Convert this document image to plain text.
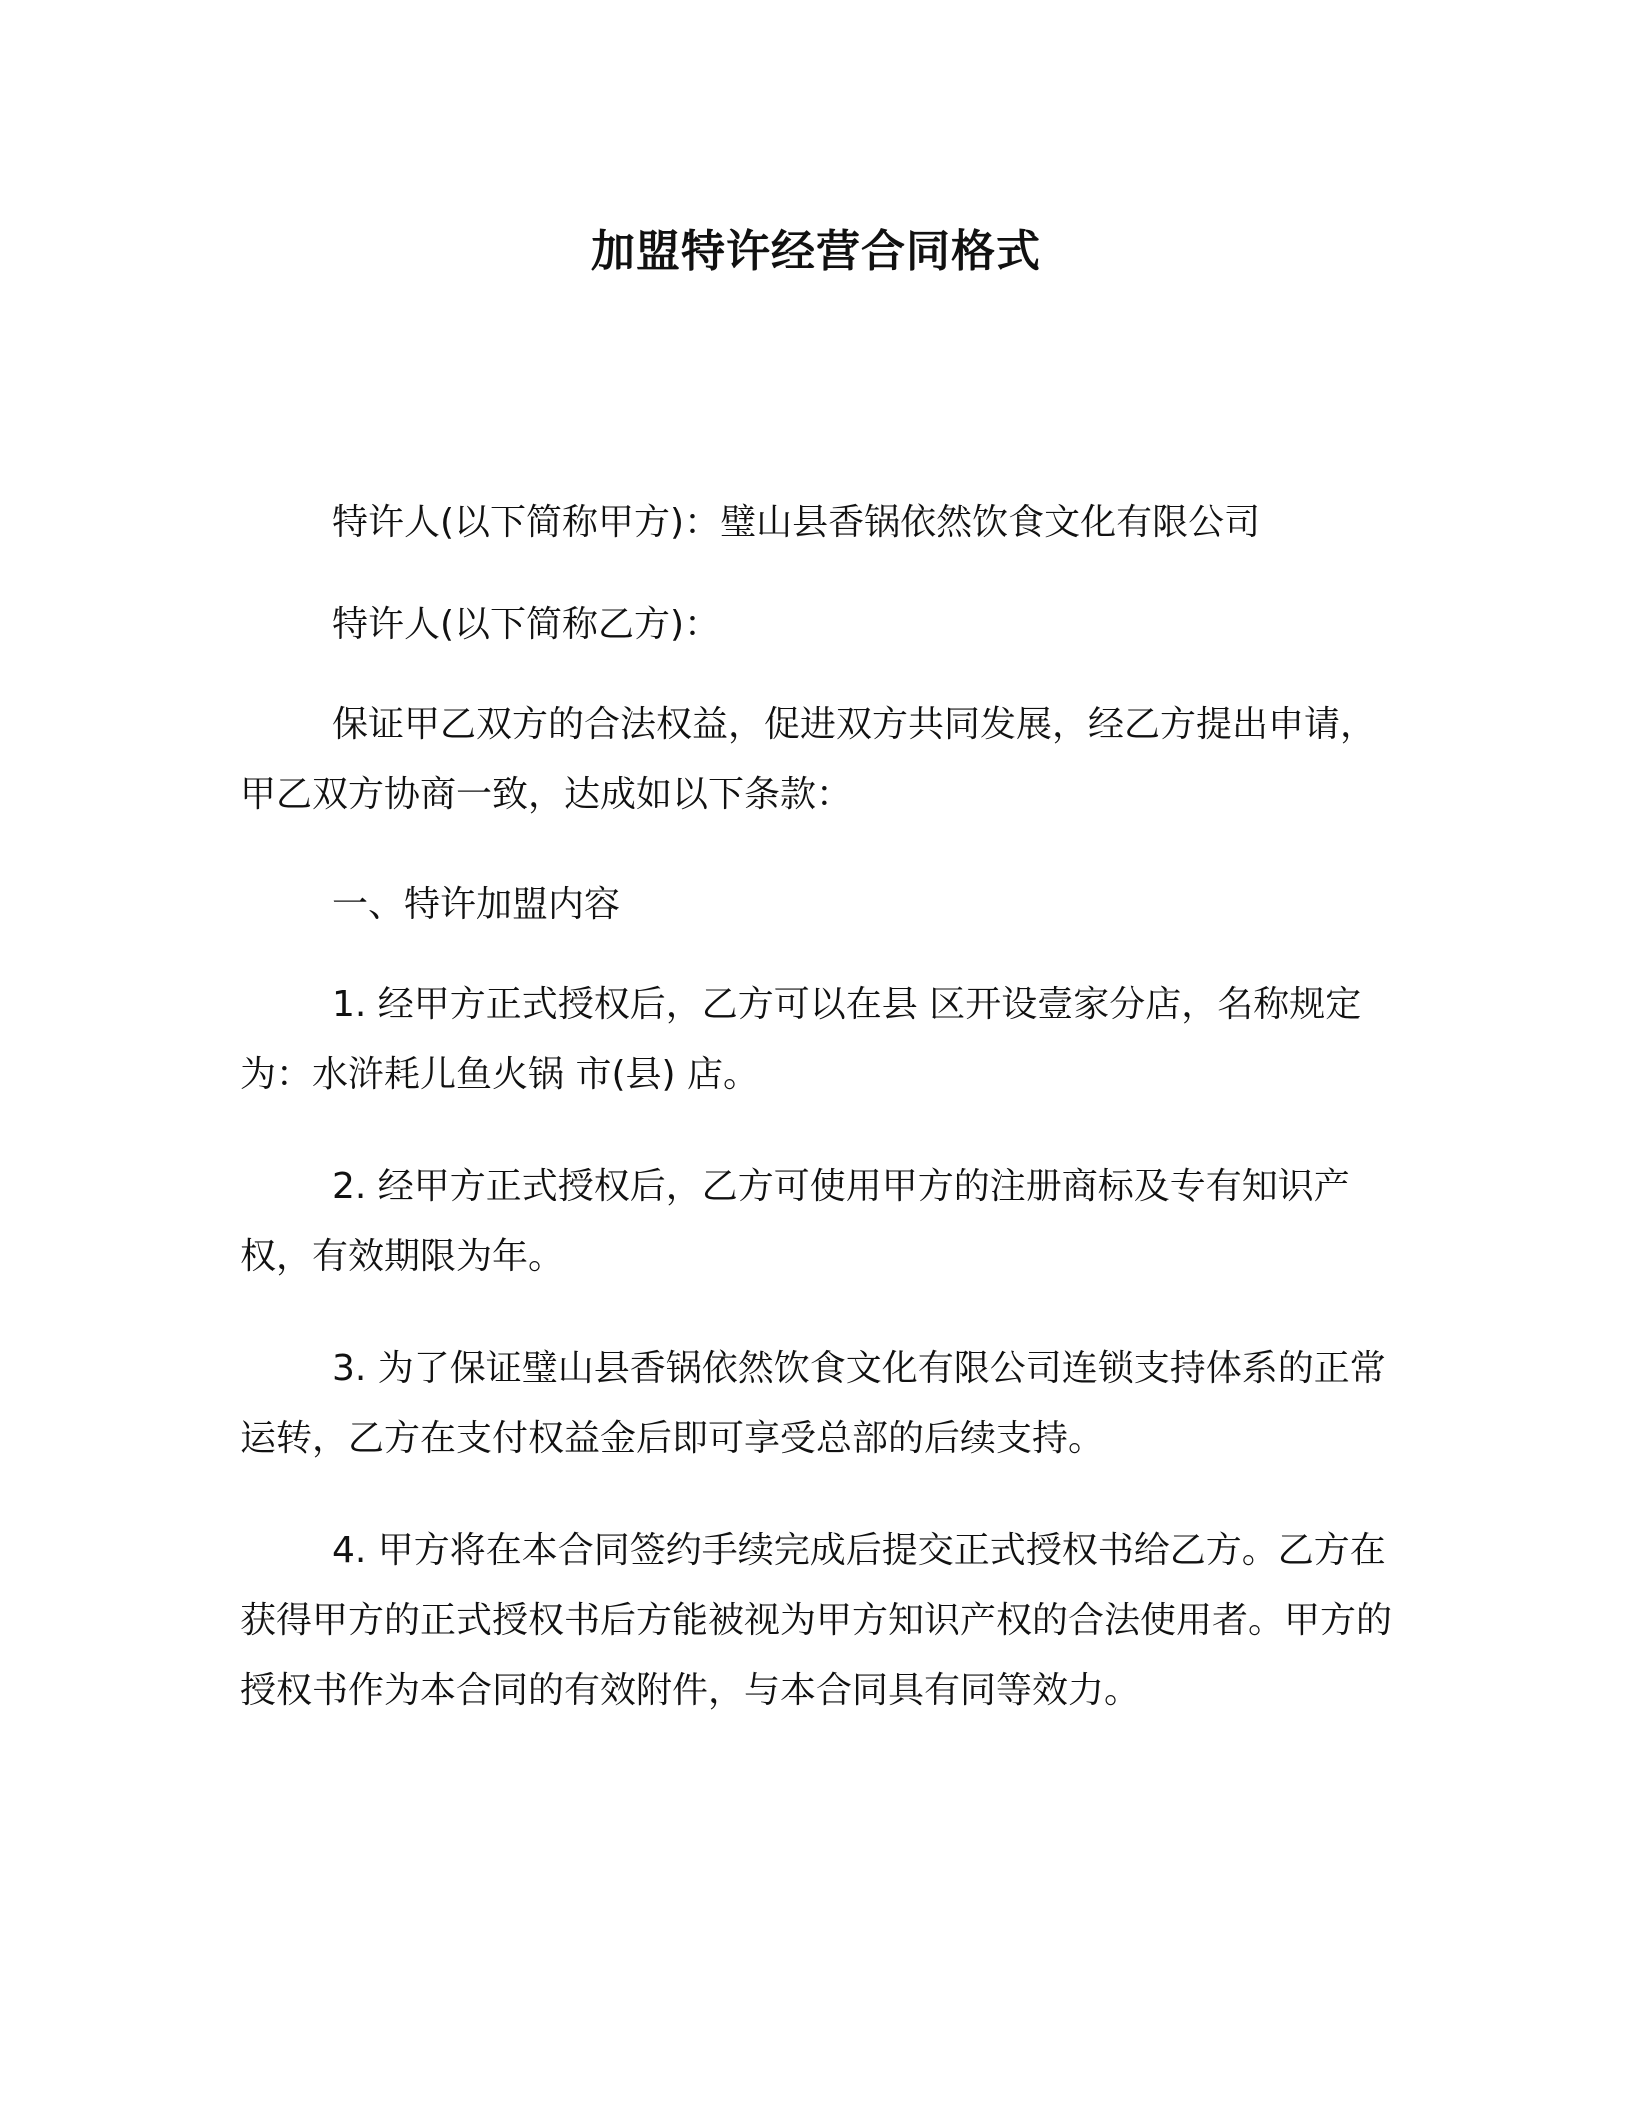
加盟特许经营合同格式
特许人(以下简称甲方)：璧山县香锅依然饮食文化有限公司
特许人(以下简称乙方)：
保证甲乙双方的合法权益，促进双方共同发展，经乙方提出申请，甲乙双方协商一致，达成如以下条款：
一、特许加盟内容
1. 经甲方正式授权后，乙方可以在县 区开设壹家分店，名称规定为：水浒耗儿鱼火锅 市(县) 店。
2. 经甲方正式授权后，乙方可使用甲方的注册商标及专有知识产权，有效期限为年。
3. 为了保证璧山县香锅依然饮食文化有限公司连锁支持体系的正常运转，乙方在支付权益金后即可享受总部的后续支持。
4. 甲方将在本合同签约手续完成后提交正式授权书给乙方。乙方在获得甲方的正式授权书后方能被视为甲方知识产权的合法使用者。甲方的授权书作为本合同的有效附件，与本合同具有同等效力。
